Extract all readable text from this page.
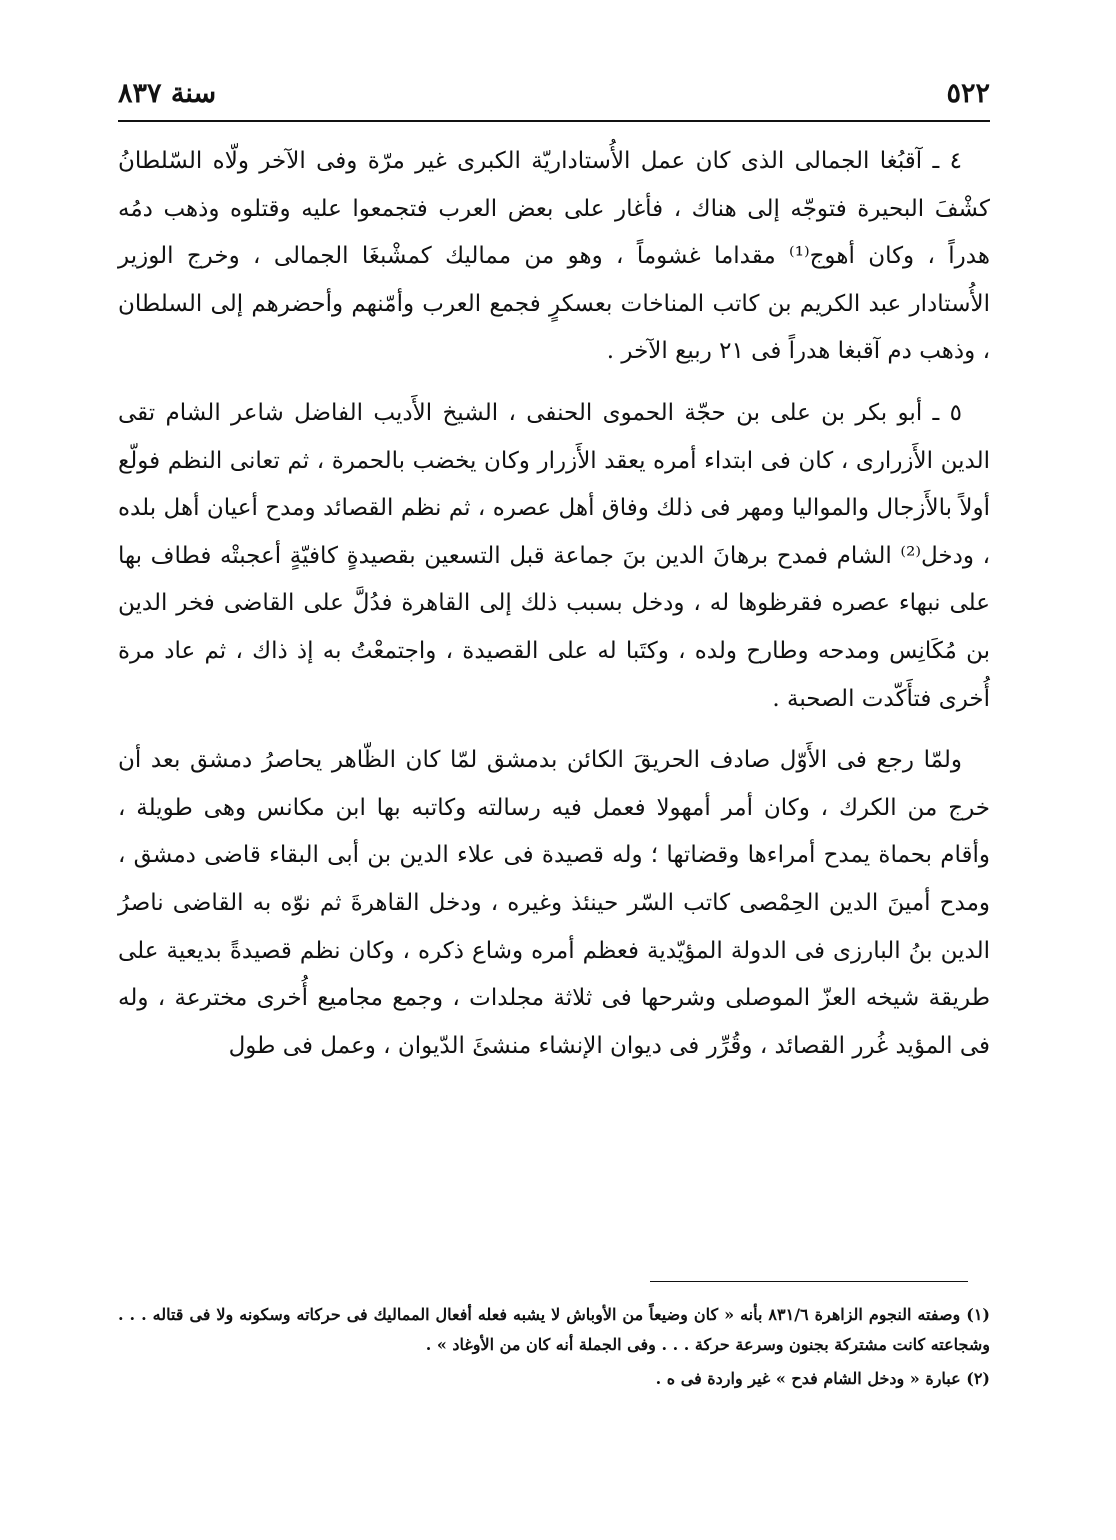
٥٢٢
سنة ٨٣٧

٤ ـ آقبُغا الجمالى الذى كان عمل الأُستاداريّة الكبرى غير مرّة وفى الآخر ولّاه السّلطانُ كشْفَ البحيرة فتوجّه إلى هناك ، فأغار على بعض العرب فتجمعوا عليه وقتلوه وذهب دمُه هدراً ، وكان أهوج⁽¹⁾ مقداما غشوماً ، وهو من مماليك كمشْبغَا الجمالى ، وخرج الوزير الأُستادار عبد الكريم بن كاتب المناخات بعسكرٍ فجمع العرب وأمّنهم وأحضرهم إلى السلطان ، وذهب دم آقبغا هدراً فى ٢١ ربيع الآخر .

٥ ـ أبو بكر بن على بن حجّة الحموى الحنفى ، الشيخ الأَديب الفاضل شاعر الشام تقى الدين الأَزرارى ، كان فى ابتداء أمره يعقد الأَزرار وكان يخضب بالحمرة ، ثم تعانى النظم فولّع أولاً بالأَزجال والمواليا ومهر فى ذلك وفاق أهل عصره ، ثم نظم القصائد ومدح أعيان أهل بلده ، ودخل⁽²⁾ الشام فمدح برهانَ الدين بنَ جماعة قبل التسعين بقصيدةٍ كافيّةٍ أعجبتْه فطاف بها على نبهاء عصره فقرظوها له ، ودخل بسبب ذلك إلى القاهرة فدُلَّ على القاضى فخر الدين بن مُكَانِس ومدحه وطارح ولده ، وكتَبا له على القصيدة ، واجتمعْتُ به إذ ذاك ، ثم عاد مرة أُخرى فتأَكّدت الصحبة .

ولمّا رجع فى الأَوّل صادف الحريقَ الكائن بدمشق لمّا كان الظّاهر يحاصرُ دمشق بعد أن خرج من الكرك ، وكان أمر أمهولا فعمل فيه رسالته وكاتبه بها ابن مكانس وهى طويلة ، وأقام بحماة يمدح أمراءها وقضاتها ؛ وله قصيدة فى علاء الدين بن أبى البقاء قاضى دمشق ، ومدح أمينَ الدين الحِمْصى كاتب السّر حينئذ وغيره ، ودخل القاهرةَ ثم نوّه به القاضى ناصرُ الدين بنُ البارزى فى الدولة المؤيّدية فعظم أمره وشاع ذكره ، وكان نظم قصيدةً بديعية على طريقة شيخه العزّ الموصلى وشرحها فى ثلاثة مجلدات ، وجمع مجاميع أُخرى مخترعة ، وله فى المؤيد غُرر القصائد ، وقُرِّر فى ديوان الإنشاء منشئَ الدّيوان ، وعمل فى طول

(١) وصفته النجوم الزاهرة ٨٣١/٦ بأنه « كان وضيعاً من الأوباش لا يشبه فعله أفعال المماليك فى حركاته وسكونه ولا فى قتاله . . . وشجاعته كانت مشتركة بجنون وسرعة حركة . . . وفى الجملة أنه كان من الأوغاد » .

(٢) عبارة « ودخل الشام فدح » غير واردة فى ه .
